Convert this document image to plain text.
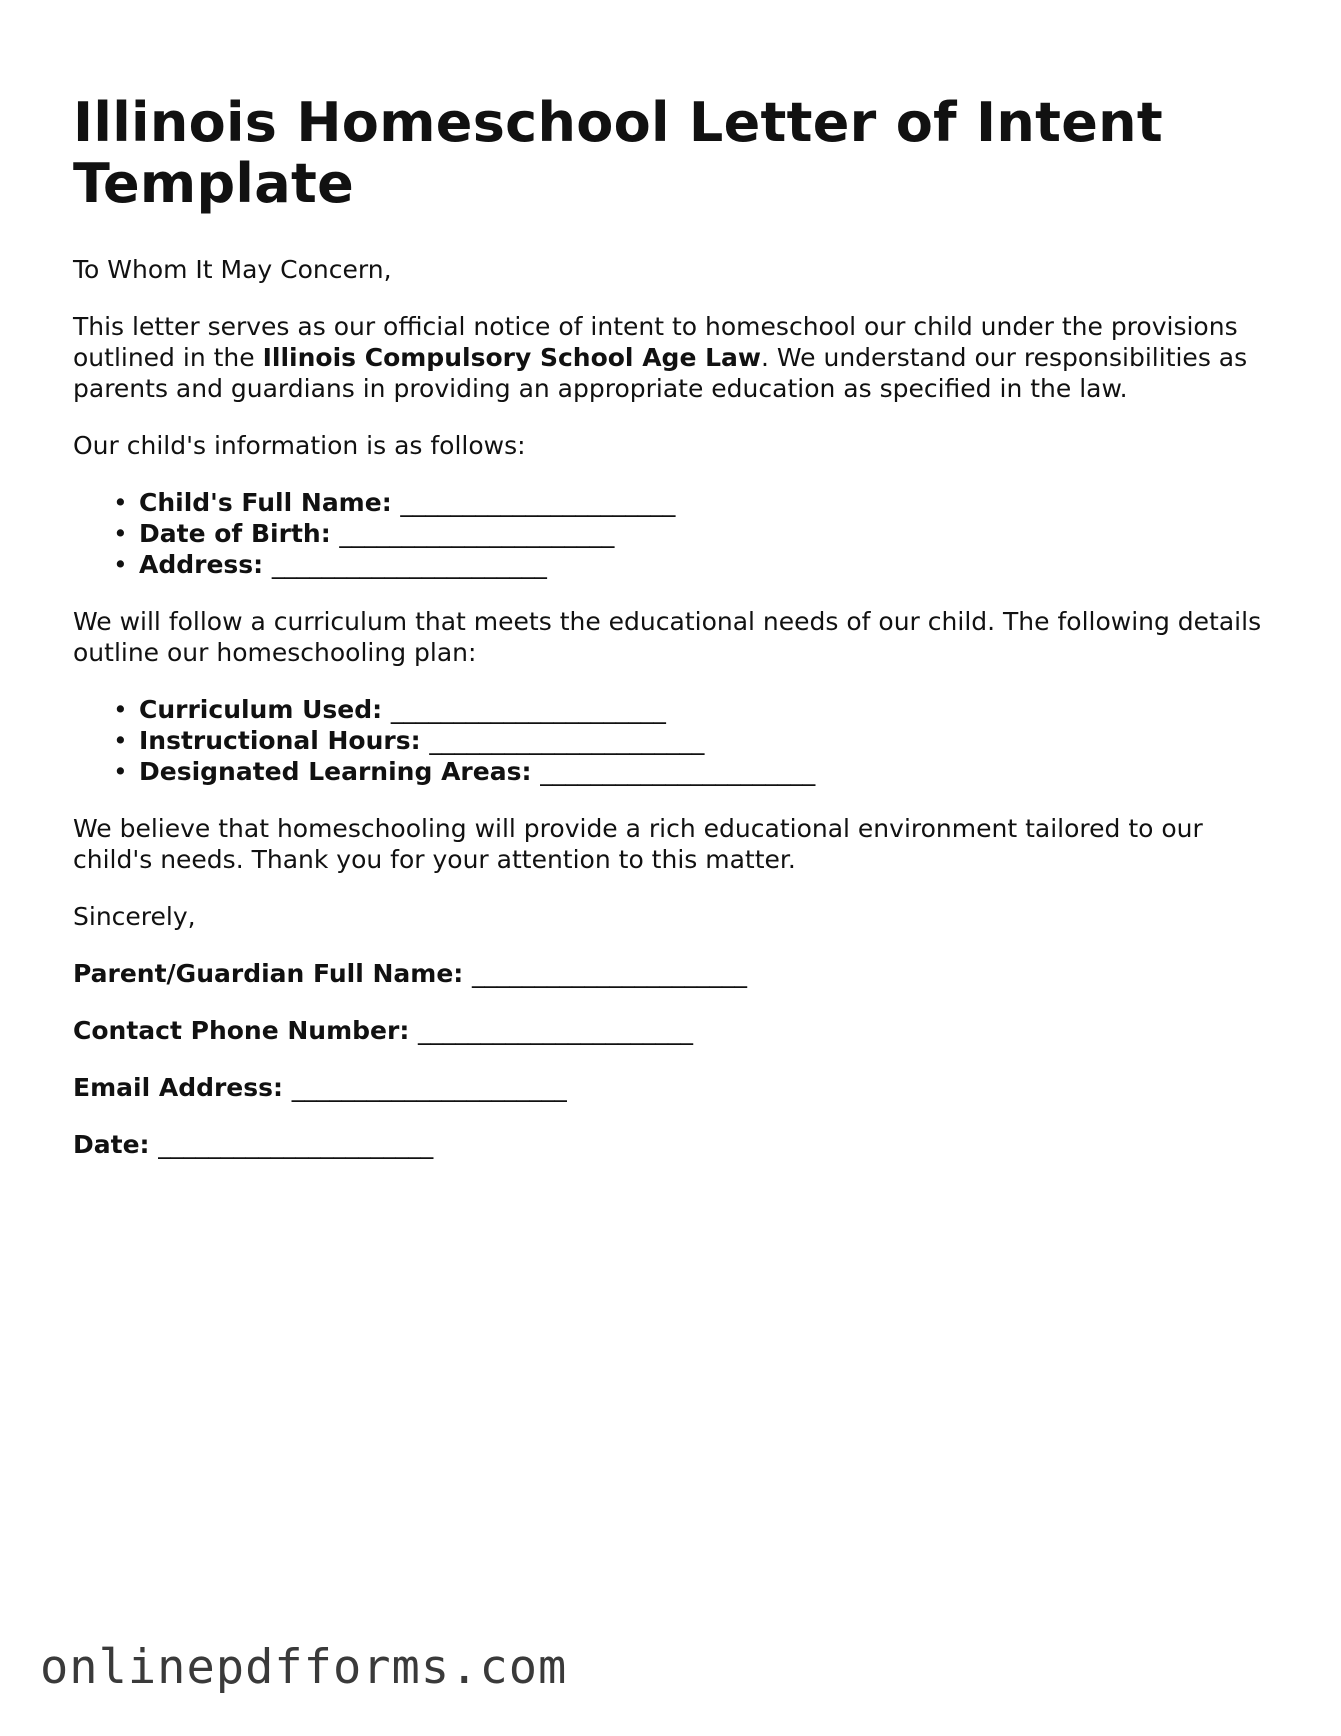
Illinois Homeschool Letter of Intent Template

To Whom It May Concern,

This letter serves as our official notice of intent to homeschool our child under the provisions outlined in the Illinois Compulsory School Age Law. We understand our responsibilities as parents and guardians in providing an appropriate education as specified in the law.

Our child's information is as follows:

• Child's Full Name: ______________________
• Date of Birth: ______________________
• Address: ______________________

We will follow a curriculum that meets the educational needs of our child. The following details outline our homeschooling plan:

• Curriculum Used: ______________________
• Instructional Hours: ______________________
• Designated Learning Areas: ______________________

We believe that homeschooling will provide a rich educational environment tailored to our child's needs. Thank you for your attention to this matter.

Sincerely,

Parent/Guardian Full Name: ______________________
Contact Phone Number: ______________________
Email Address: ______________________
Date: ______________________
onlinepdfforms.com
